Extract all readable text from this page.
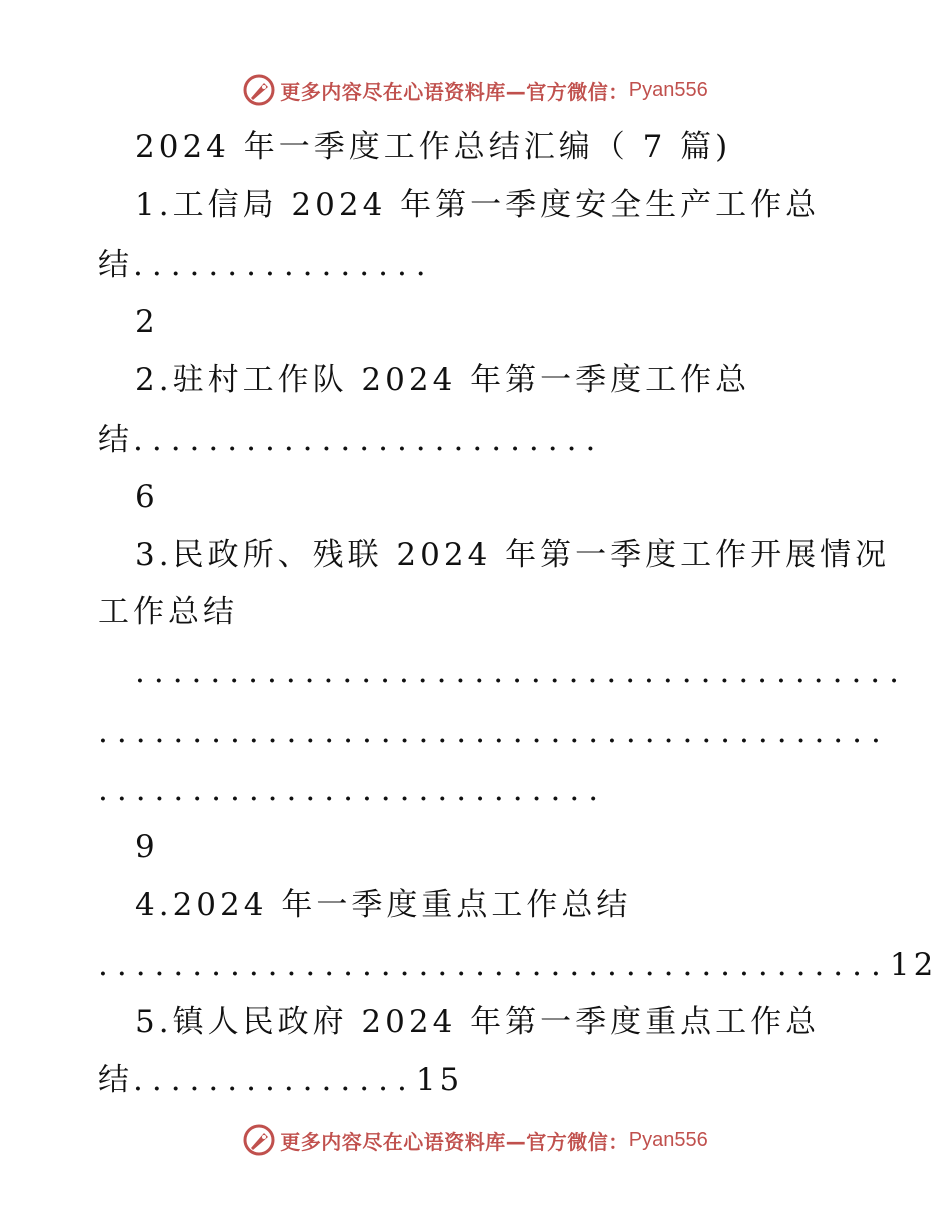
更多内容尽在心语资料库—官方微信： Pyan556
2024 年一季度工作总结汇编（ 7 篇)
1.工信局 2024 年第一季度安全生产工作总
结................
2
2.驻村工作队 2024 年第一季度工作总
结.........................
6
3.民政所、残联 2024 年第一季度工作开展情况
工作总结
.........................................
..........................................
...........................
9
4.2024 年一季度重点工作总结
..........................................12
5.镇人民政府 2024 年第一季度重点工作总
结...............15
更多内容尽在心语资料库—官方微信： Pyan556
